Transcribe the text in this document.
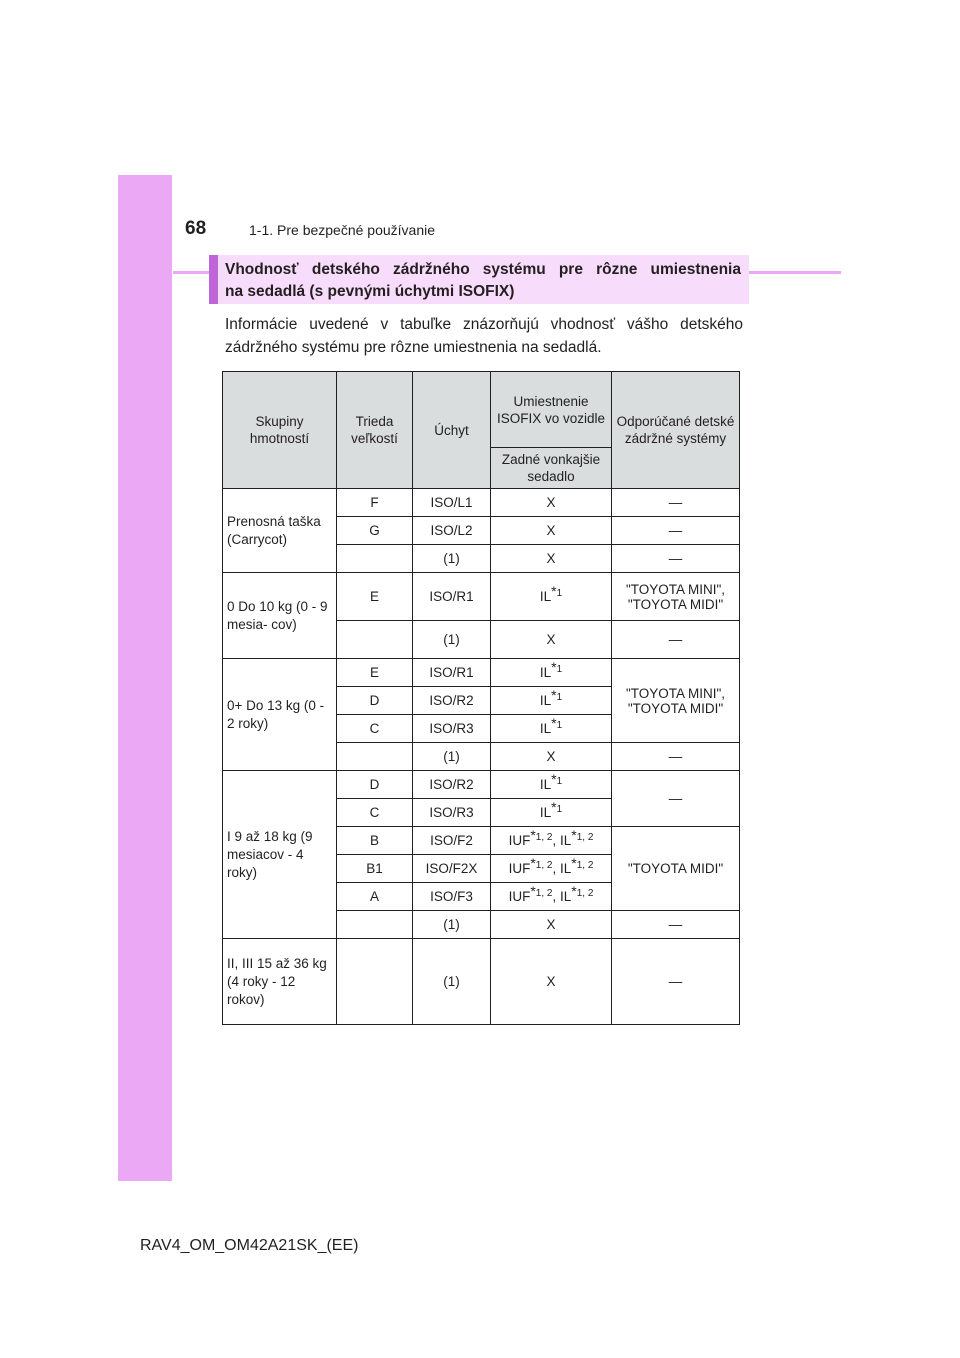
68	1-1. Pre bezpečné používanie
Vhodnosť detského zádržného systému pre rôzne umiestnenia
na sedadlá (s pevnými úchytmi ISOFIX)
Informácie uvedené v tabuľke znázorňujú vhodnosť vášho detského
zádržného systému pre rôzne umiestnenia na sedadlá.
Skupiny hmotností	Trieda veľkostí	Úchyt	Umiestnenie ISOFIX vo vozidle	Odporúčané detské zádržné systémy
			Zadné vonkajšie sedadlo	
Prenosná taška (Carrycot)	F	ISO/L1	X	—
	G	ISO/L2	X	—
		(1)	X	—
0 Do 10 kg (0 - 9 mesia- cov)	E	ISO/R1	IL$^{*1}$	"TOYOTA MINI",
"TOYOTA MIDI"
		(1)	X	—
0+ Do 13 kg (0 - 2 roky)	E	ISO/R1	IL$^{*1}$	"TOYOTA MINI",
"TOYOTA MIDI"
	D	ISO/R2	IL$^{*1}$
	C	ISO/R3	IL$^{*1}$
		(1)	X	—
I 9 až 18 kg (9 mesiacov - 4 roky)	D	ISO/R2	IL$^{*1}$	—
	C	ISO/R3	IL$^{*1}$
	B	ISO/F2	IUF$^{*1, 2}$, IL$^{*1, 2}$	"TOYOTA MIDI"
	B1	ISO/F2X	IUF$^{*1, 2}$, IL$^{*1, 2}$
	A	ISO/F3	IUF$^{*1, 2}$, IL$^{*1, 2}$
		(1)	X	—
II, III 15 až 36 kg (4 roky - 12 rokov)		(1)	X	—
RAV4_OM_OM42A21SK_(EE)
